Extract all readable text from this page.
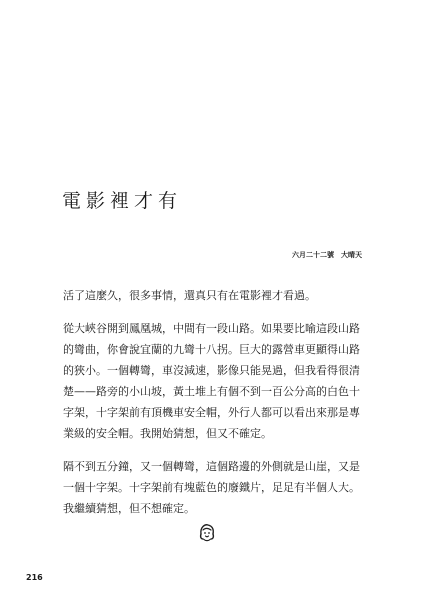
電影裡才有
六月二十二號　大晴天

活了這麼久，很多事情，還真只有在電影裡才看過。

從大峽谷開到鳳凰城，中間有一段山路。如果要比喻這段山路
的彎曲，你會說宜蘭的九彎十八拐。巨大的露營車更顯得山路
的狹小。一個轉彎，車沒減速，影像只能晃過，但我看得很清
楚——路旁的小山坡，黃土堆上有個不到一百公分高的白色十
字架，十字架前有頂機車安全帽，外行人都可以看出來那是專
業級的安全帽。我開始猜想，但又不確定。

隔不到五分鐘，又一個轉彎，這個路邊的外側就是山崖，又是
一個十字架。十字架前有塊藍色的廢鐵片，足足有半個人大。
我繼續猜想，但不想確定。

216
